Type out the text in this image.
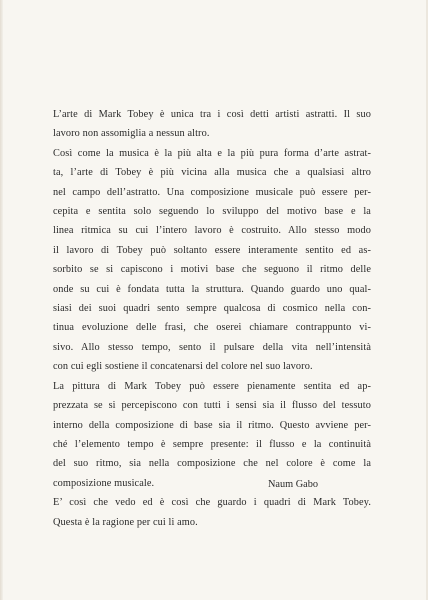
L’arte di Mark Tobey è unica tra i così detti artisti astratti. Il suo
lavoro non assomiglia a nessun altro.
Così come la musica è la più alta e la più pura forma d’arte astrat-
ta, l’arte di Tobey è più vicina alla musica che a qualsiasi altro
nel campo dell’astratto. Una composizione musicale può essere per-
cepita e sentita solo seguendo lo sviluppo del motivo base e la
linea ritmica su cui l’intero lavoro è costruito. Allo stesso modo
il lavoro di Tobey può soltanto essere interamente sentito ed as-
sorbito se si capiscono i motivi base che seguono il ritmo delle
onde su cui è fondata tutta la struttura. Quando guardo uno qual-
siasi dei suoi quadri sento sempre qualcosa di cosmico nella con-
tinua evoluzione delle frasi, che oserei chiamare contrappunto vi-
sivo. Allo stesso tempo, sento il pulsare della vita nell’intensità
con cui egli sostiene il concatenarsi del colore nel suo lavoro.
La pittura di Mark Tobey può essere pienamente sentita ed ap-
prezzata se si percepiscono con tutti i sensi sia il flusso del tessuto
interno della composizione di base sia il ritmo. Questo avviene per-
ché l’elemento tempo è sempre presente: il flusso e la continuità
del suo ritmo, sia nella composizione che nel colore è come la
composizione musicale.
E’ così che vedo ed è così che guardo i quadri di Mark Tobey.
Questa è la ragione per cui li amo.
Naum Gabo
